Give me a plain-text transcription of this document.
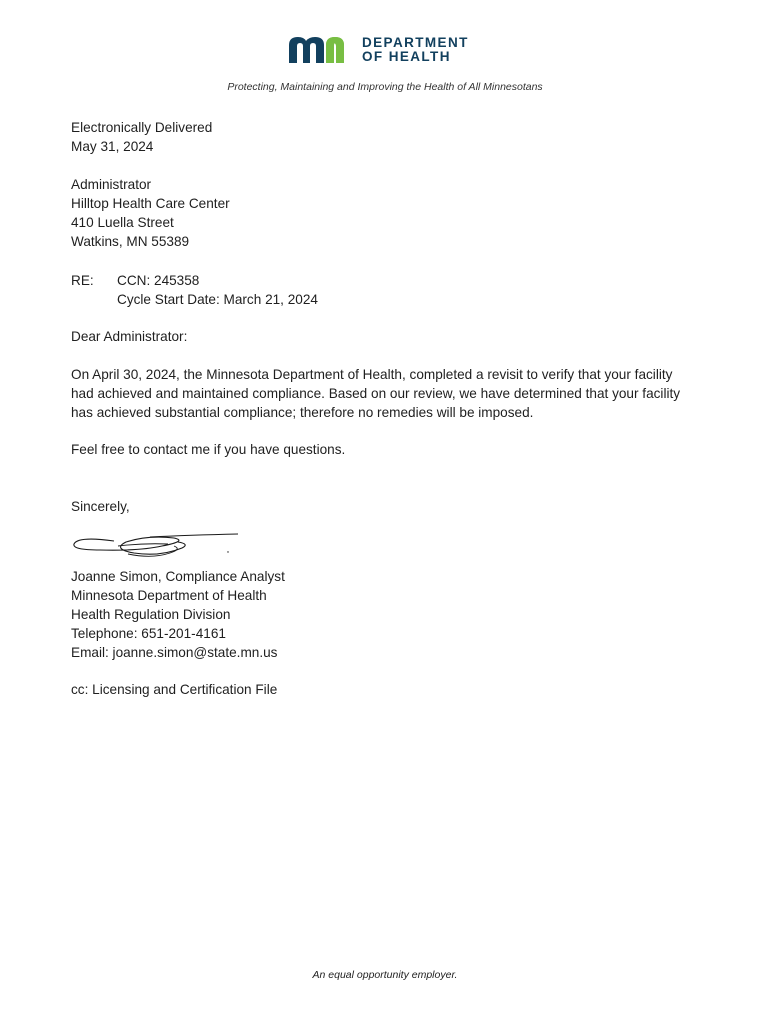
DEPARTMENT
OF HEALTH
Protecting, Maintaining and Improving the Health of All Minnesotans
Electronically Delivered
May 31, 2024
Administrator
Hilltop Health Care Center
410 Luella Street
Watkins, MN 55389
RE: CCN: 245358
Cycle Start Date: March 21, 2024
Dear Administrator:
On April 30, 2024, the Minnesota Department of Health, completed a revisit to verify that your facility
had achieved and maintained compliance. Based on our review, we have determined that your facility
has achieved substantial compliance; therefore no remedies will be imposed.
Feel free to contact me if you have questions.
Sincerely,
Joanne Simon, Compliance Analyst
Minnesota Department of Health
Health Regulation Division
Telephone: 651-201-4161
Email: joanne.simon@state.mn.us
cc: Licensing and Certification File
An equal opportunity employer.
